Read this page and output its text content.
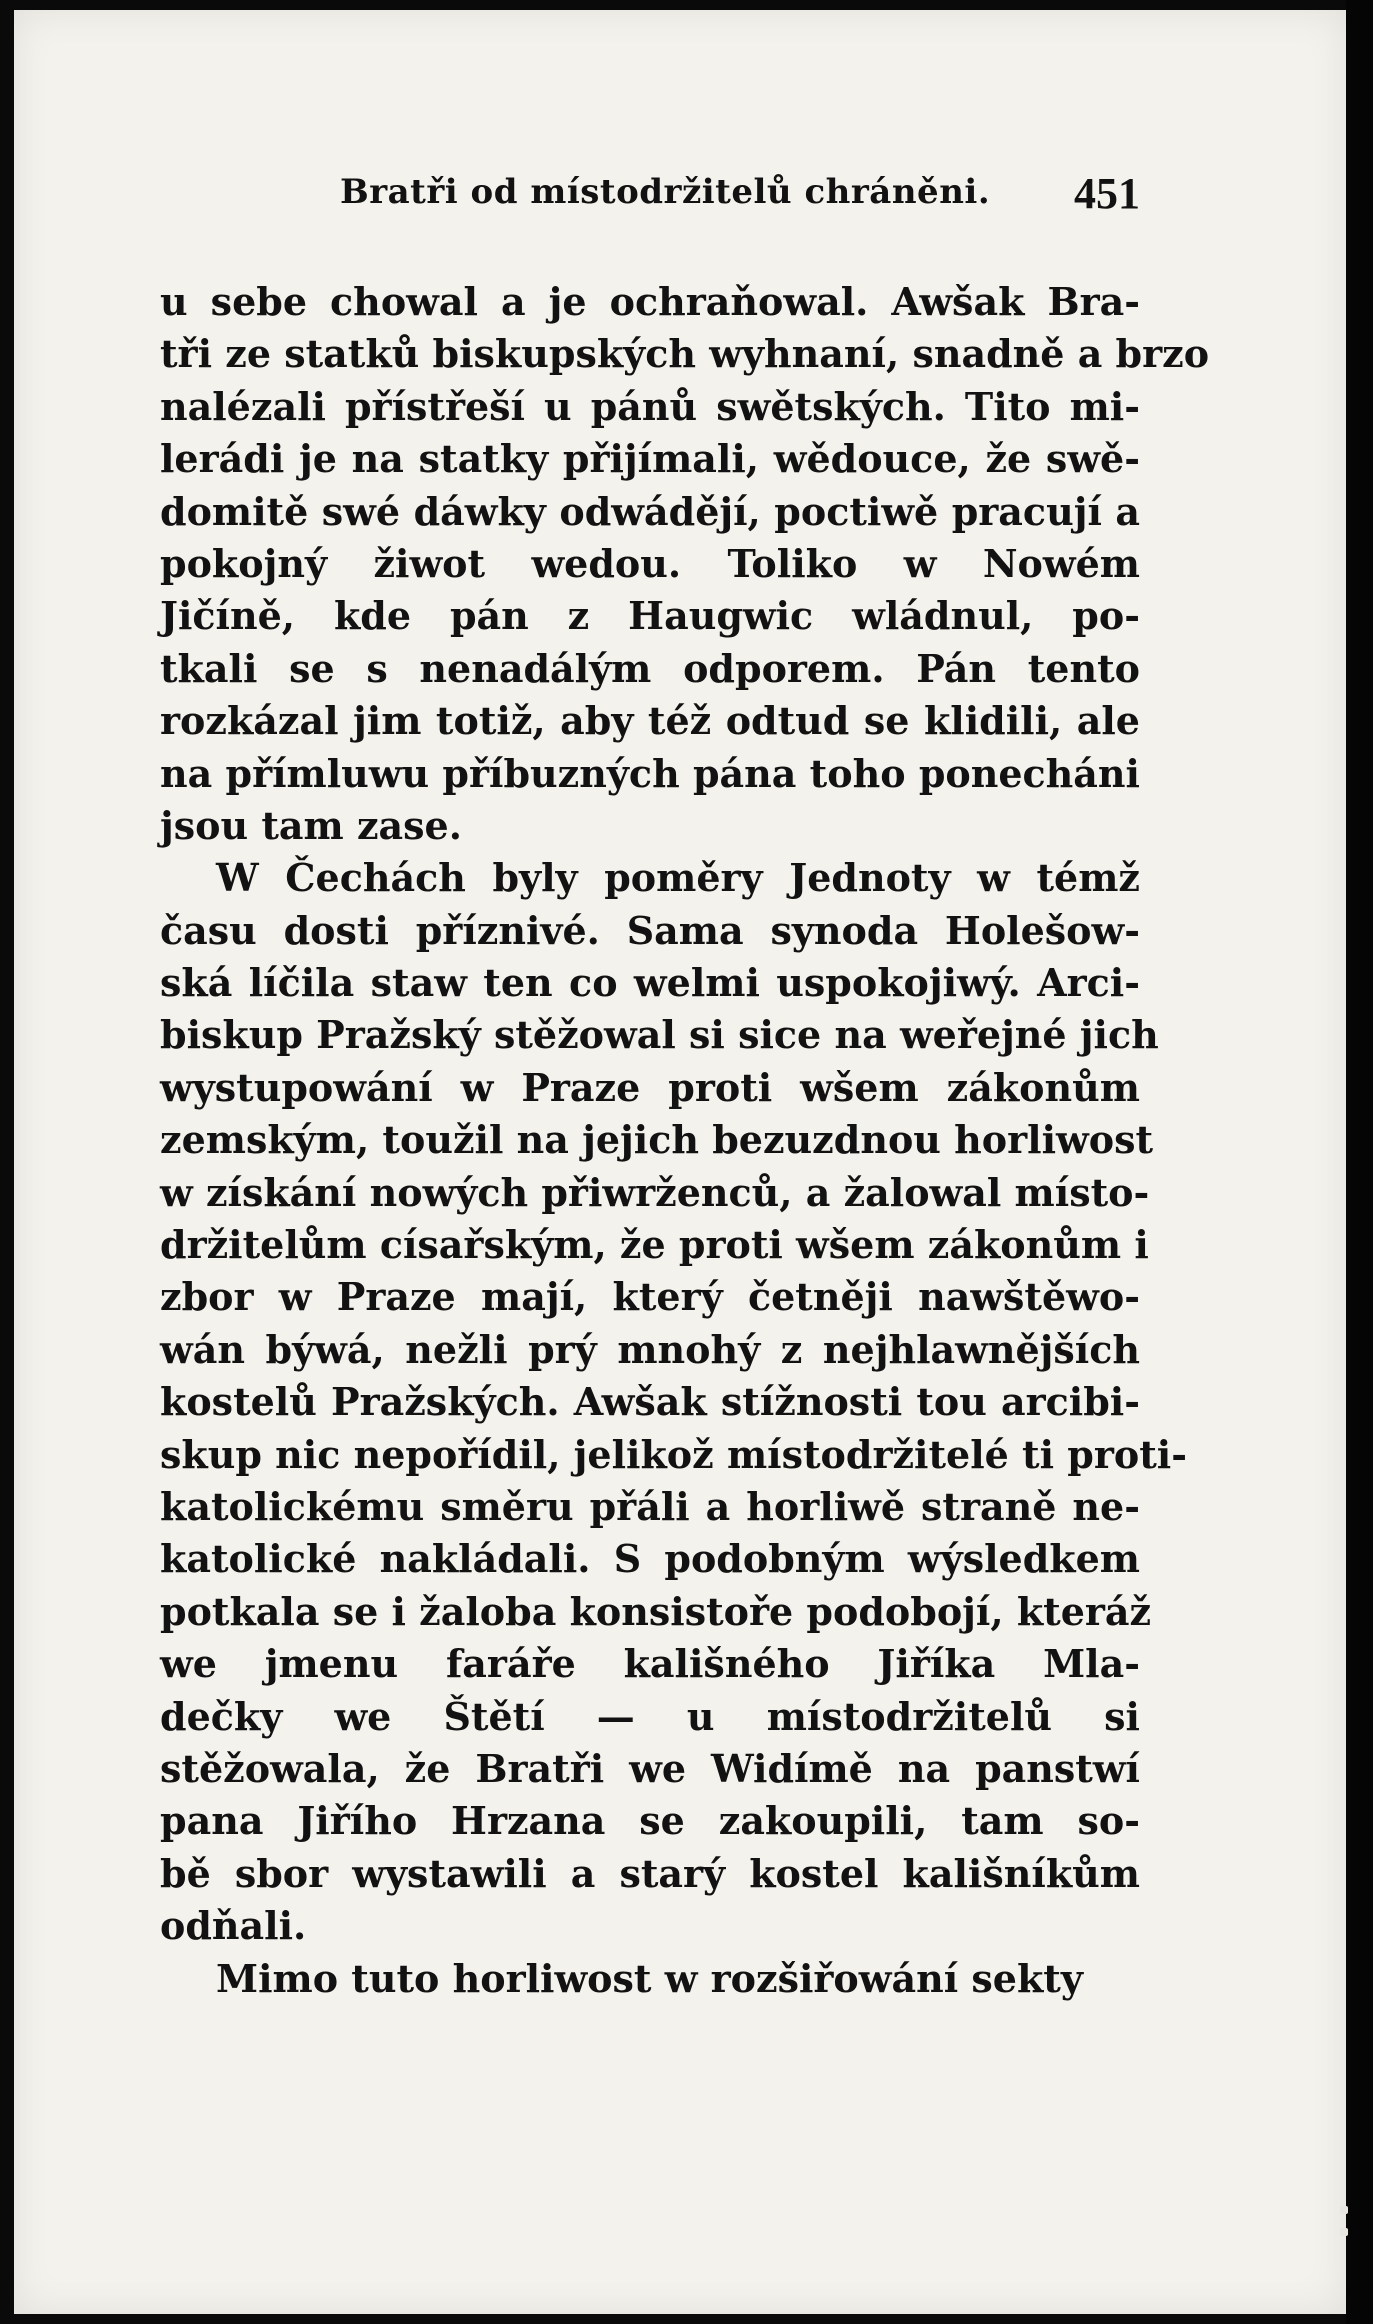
Bratři od místodržitelů chráněni. 451
u sebe chowal a je ochraňowal. Awšak Bra-
tři ze statků biskupských wyhnaní, snadně a brzo
nalézali přístřeší u pánů swětských. Tito mi-
lerádi je na statky přijímali, wědouce, že swě-
domitě swé dáwky odwádějí, poctiwě pracují a
pokojný žiwot wedou. Toliko w Nowém
Jičíně, kde pán z Haugwic wládnul, po-
tkali se s nenadálým odporem. Pán tento
rozkázal jim totiž, aby též odtud se klidili, ale
na přímluwu příbuzných pána toho ponecháni
jsou tam zase.
W Čechách byly poměry Jednoty w témž
času dosti příznivé. Sama synoda Holešow-
ská líčila staw ten co welmi uspokojiwý. Arci-
biskup Pražský stěžowal si sice na weřejné jich
wystupowání w Praze proti wšem zákonům
zemským, toužil na jejich bezuzdnou horliwost
w získání nowých přiwrženců, a žalowal místo-
držitelům císařským, že proti wšem zákonům i
zbor w Praze mají, který četněji nawštěwo-
wán býwá, nežli prý mnohý z nejhlawnějších
kostelů Pražských. Awšak stížnosti tou arcibi-
skup nic nepořídil, jelikož místodržitelé ti proti-
katolickému směru přáli a horliwě straně ne-
katolické nakládali. S podobným wýsledkem
potkala se i žaloba konsistoře podobojí, kteráž
we jmenu faráře kališného Jiříka Mla-
dečky we Štětí — u místodržitelů si
stěžowala, že Bratři we Widímě na panstwí
pana Jiřího Hrzana se zakoupili, tam so-
bě sbor wystawili a starý kostel kališníkům
odňali.
Mimo tuto horliwost w rozšiřowání sekty
